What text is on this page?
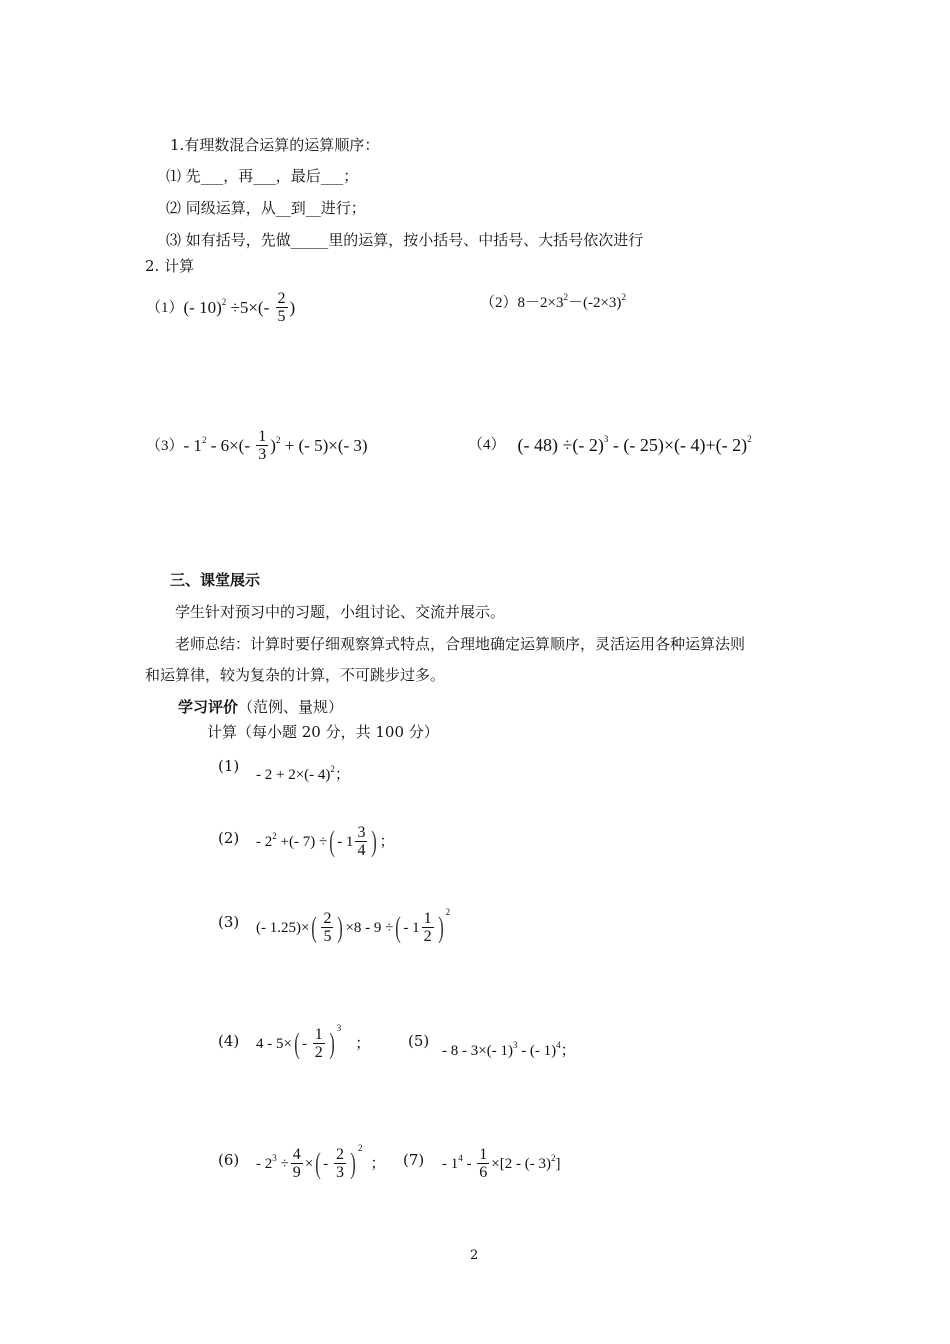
1.有理数混合运算的运算顺序：
⑴ 先___，再___，最后___；
⑵ 同级运算，从__到__进行；
⑶ 如有括号，先做_____里的运算，按小括号、中括号、大括号依次进行
2. 计算
（1） (- 10) $2 \div 5\times(- \frac{2}{5}$ )	（2） 8－2×3 2 －(-2×3) 2
（3） - 1 $2 - 6\times(- \frac{1}{3}$ ) 2 + (- 5)×(- 3)	（4） (- 48) ÷(- 2) 3 - (- 25)×(- 4)+(- 2) 2
三、课堂展示
学生针对预习中的习题，小组讨论、交流并展示。
老师总结：计算时要仔细观察算式特点，合理地确定运算顺序，灵活运用各种运算法则
和运算律，较为复杂的计算，不可跳步过多。
学习评价（范例、量规）
计算（每小题 20 分，共 100 分）
(1) - 2 + 2×(- 4) 2 ；
(2) - 2 2 +(- 7) ÷ ( - $1 \frac{3}{4}$ ) ；
(3) (- 1.25)× ( $\frac{2}{5}$ ) ×8 - 9 ÷ ( - $1 \frac{1}{2}$ ) 2
(4) 4 - 5× ( - $\frac{1}{2}$ ) 3
；	(5)
- 8 - 3×(- 1) 3 - (- 1) 4 ；
(6) - 2 $3 \div \frac{4}{9}$ × ( - $\frac{2}{3}$ ) 2
； (7) - 1 $4 - \frac{1}{6} \times[2$ - (- 3) 2 ]
2
